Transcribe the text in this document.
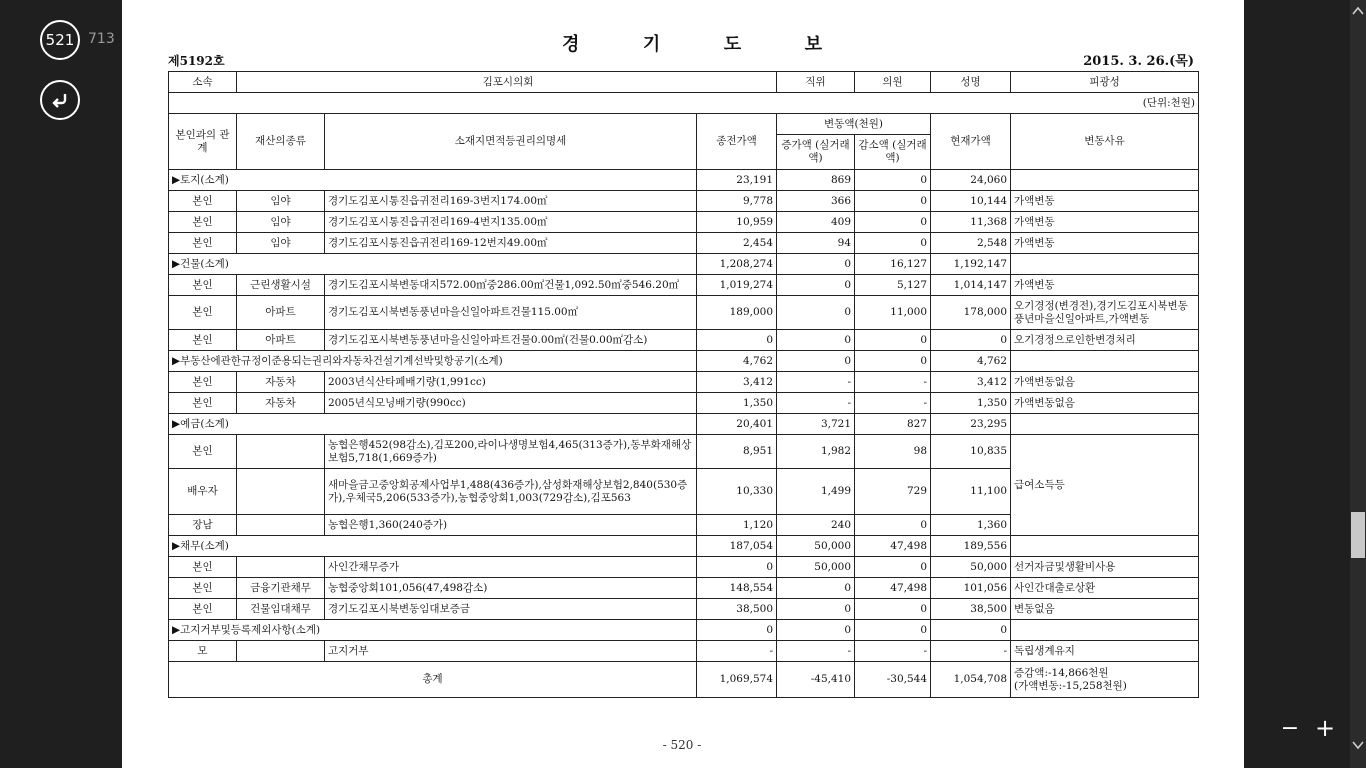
521 713
제5192호
경	기	도	보
2015. 3. 26.(목)
소속	김포시의회			직위	의원	성명	피광성
(단위:천원)							
본인과의 관계	재산의종류	소재지면적등권리의명세	종전가액	변동액(천원)		현재가액	변동사유
				증가액 (실거래액)	감소액 (실거래액)		
▶토지(소계)			23,191	869	0	24,060	
본인	임야	경기도김포시통진읍귀전리169-3번지174.00㎡	9,778	366	0	10,144	가액변동
본인	임야	경기도김포시통진읍귀전리169-4번지135.00㎡	10,959	409	0	11,368	가액변동
본인	임야	경기도김포시통진읍귀전리169-12번지49.00㎡	2,454	94	0	2,548	가액변동
▶건물(소계)			1,208,274	0	16,127	1,192,147	
본인	근린생활시설	경기도김포시북변동대지572.00㎡중286.00㎡건물1,092.50㎡중546.20㎡	1,019,274	0	5,127	1,014,147	가액변동
본인	아파트	경기도김포시북변동풍년마을신일아파트건물115.00㎡	189,000	0	11,000	178,000	오기경정(변경전),경기도김포시북변동풍년마을신일아파트,가액변동
본인	아파트	경기도김포시북변동풍년마을신일아파트건물0.00㎡(건물0.00㎡감소)	0	0	0	0	오기경정으로인한변경처리
▶부동산에관한규정이준용되는권리와자동차건설기계선박및항공기(소계)			4,762	0	0	4,762	
본인	자동차	2003년식산타페배기량(1,991cc)	3,412	-	-	3,412	가액변동없음
본인	자동차	2005년식모닝배기량(990cc)	1,350	-	-	1,350	가액변동없음
▶예금(소계)			20,401	3,721	827	23,295	
본인		농협은행452(98감소),김포200,라이나생명보험4,465(313증가),동부화재해상보험5,718(1,669증가)	8,951	1,982	98	10,835	급여소득등
배우자		새마을금고중앙회공제사업부1,488(436증가),삼성화재해상보험2,840(530증가),우체국5,206(533증가),농협중앙회1,003(729감소),김포563	10,330	1,499	729	11,100	
장남		농협은행1,360(240증가)	1,120	240	0	1,360	
▶채무(소계)			187,054	50,000	47,498	189,556	
본인		사인간채무증가	0	50,000	0	50,000	선거자금및생활비사용
본인	금융기관채무	농협중앙회101,056(47,498감소)	148,554	0	47,498	101,056	사인간대출로상환
본인	건물임대채무	경기도김포시북변동임대보증금	38,500	0	0	38,500	변동없음
▶고지거부및등록제외사항(소계)			0	0	0	0	
모		고지거부	-	-	-	-	독립생계유지
총계			1,069,574	-45,410	-30,544	1,054,708	증감액:-14,866천원
(가액변동:-15,258천원)
- 520 -
− +
